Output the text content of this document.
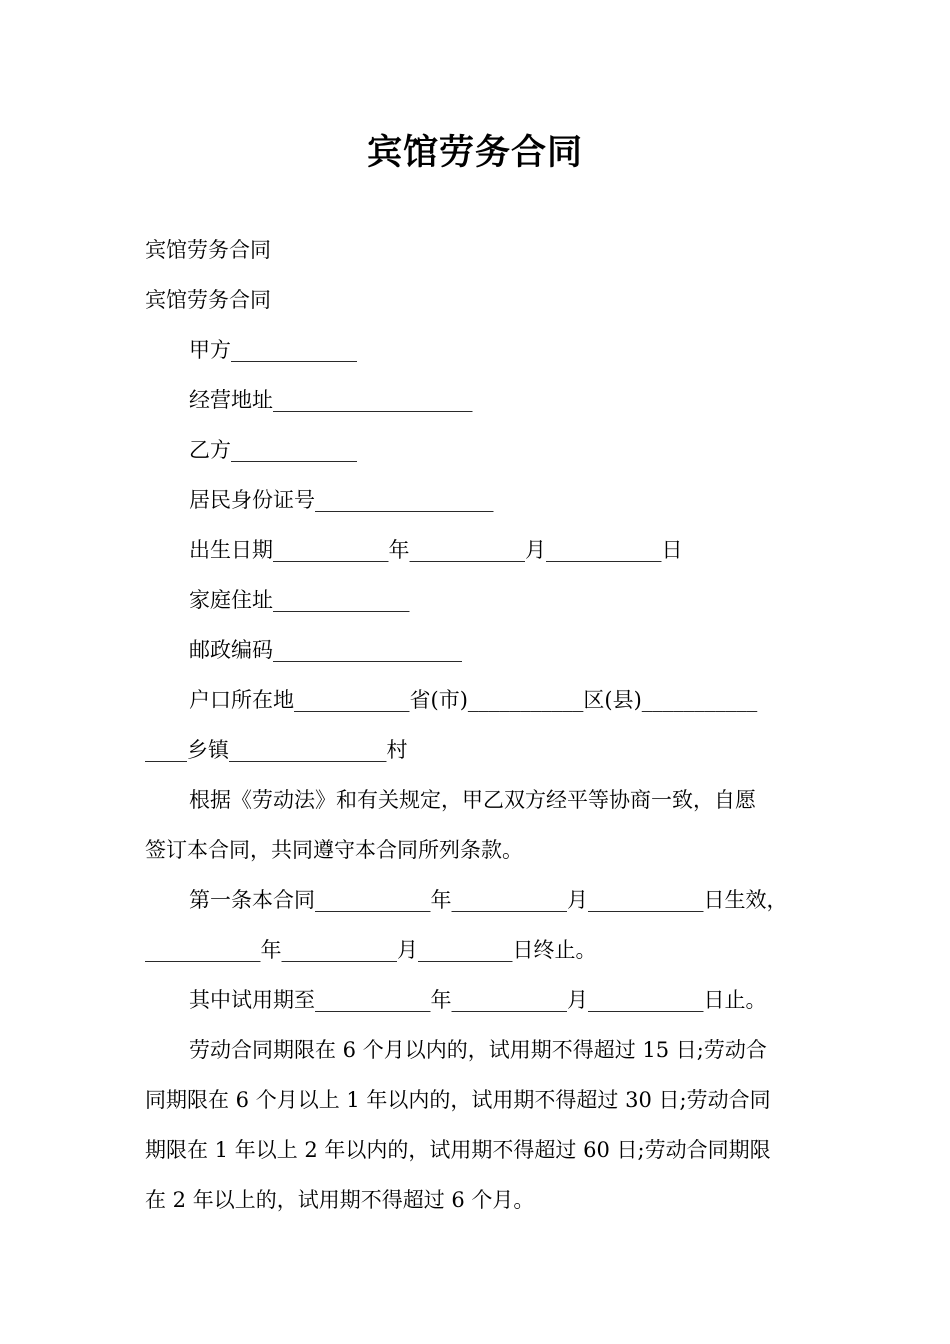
宾馆劳务合同
宾馆劳务合同
宾馆劳务合同
甲方____________
经营地址___________________
乙方____________
居民身份证号_________________
出生日期___________年___________月___________日
家庭住址_____________
邮政编码__________________
户口所在地___________省(市)___________区(县)___________
____乡镇_______________村
根据《劳动法》和有关规定，甲乙双方经平等协商一致，自愿
签订本合同，共同遵守本合同所列条款。
第一条本合同___________年___________月___________日生效，
___________年___________月_________日终止。
其中试用期至___________年___________月___________日止。
劳动合同期限在 6 个月以内的，试用期不得超过 15 日;劳动合
同期限在 6 个月以上 1 年以内的，试用期不得超过 30 日;劳动合同
期限在 1 年以上 2 年以内的，试用期不得超过 60 日;劳动合同期限
在 2 年以上的，试用期不得超过 6 个月。
